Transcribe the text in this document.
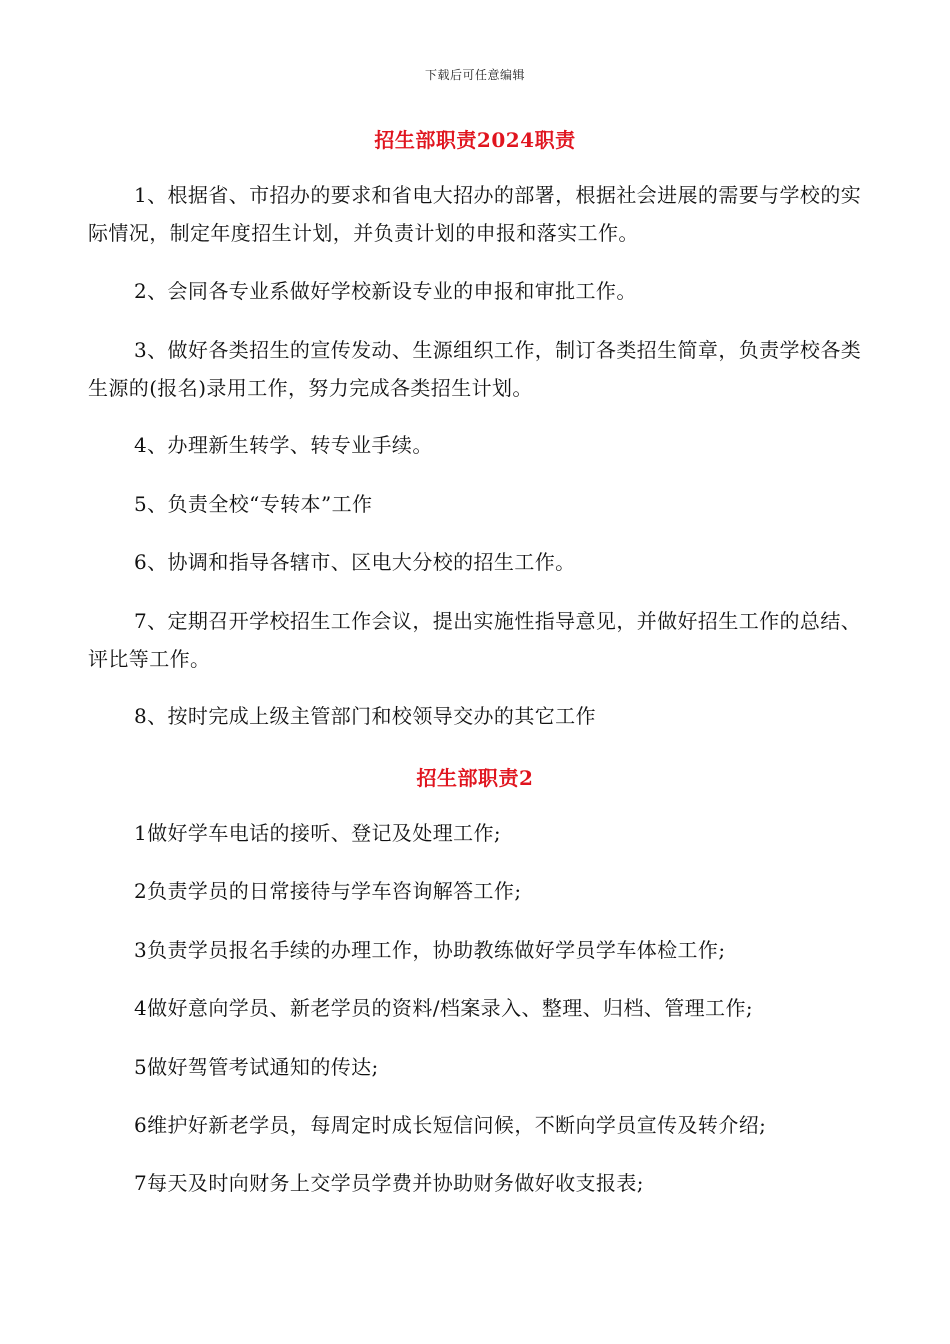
下载后可任意编辑
招生部职责2024职责

1、根据省、市招办的要求和省电大招办的部署，根据社会进展的需要与学校的实际情况，制定年度招生计划，并负责计划的申报和落实工作。

2、会同各专业系做好学校新设专业的申报和审批工作。

3、做好各类招生的宣传发动、生源组织工作，制订各类招生简章，负责学校各类生源的(报名)录用工作，努力完成各类招生计划。

4、办理新生转学、转专业手续。

5、负责全校“专转本”工作

6、协调和指导各辖市、区电大分校的招生工作。

7、定期召开学校招生工作会议，提出实施性指导意见，并做好招生工作的总结、评比等工作。

8、按时完成上级主管部门和校领导交办的其它工作

招生部职责2

1做好学车电话的接听、登记及处理工作;

2负责学员的日常接待与学车咨询解答工作;

3负责学员报名手续的办理工作，协助教练做好学员学车体检工作;

4做好意向学员、新老学员的资料/档案录入、整理、归档、管理工作;

5做好驾管考试通知的传达;

6维护好新老学员，每周定时成长短信问候，不断向学员宣传及转介绍;

7每天及时向财务上交学员学费并协助财务做好收支报表;
